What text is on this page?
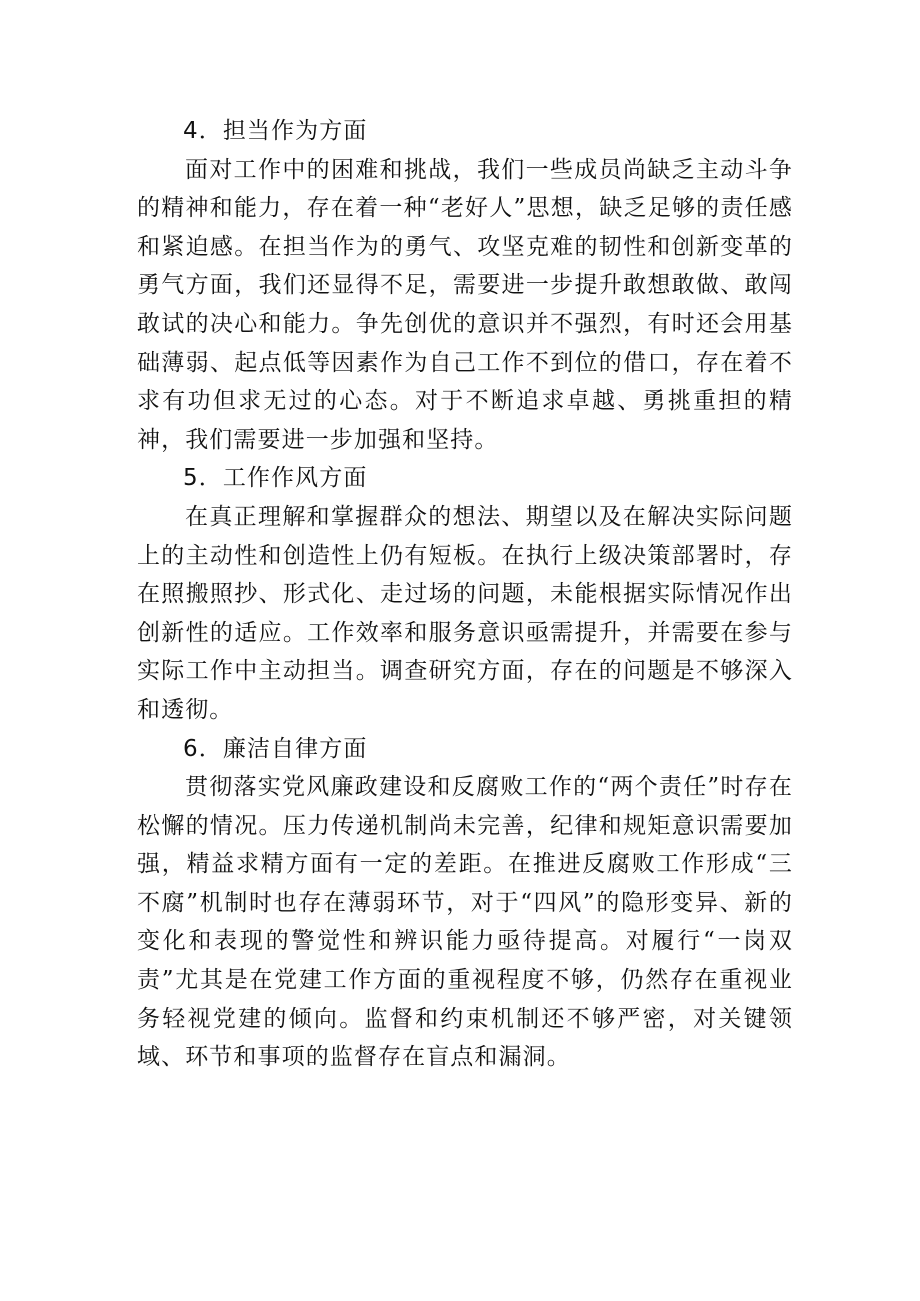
4．担当作为方面

面对工作中的困难和挑战，我们一些成员尚缺乏主动斗争的精神和能力，存在着一种“老好人”思想，缺乏足够的责任感和紧迫感。在担当作为的勇气、攻坚克难的韧性和创新变革的勇气方面，我们还显得不足，需要进一步提升敢想敢做、敢闯敢试的决心和能力。争先创优的意识并不强烈，有时还会用基础薄弱、起点低等因素作为自己工作不到位的借口，存在着不求有功但求无过的心态。对于不断追求卓越、勇挑重担的精神，我们需要进一步加强和坚持。

5．工作作风方面

在真正理解和掌握群众的想法、期望以及在解决实际问题上的主动性和创造性上仍有短板。在执行上级决策部署时，存在照搬照抄、形式化、走过场的问题，未能根据实际情况作出创新性的适应。工作效率和服务意识亟需提升，并需要在参与实际工作中主动担当。调查研究方面，存在的问题是不够深入和透彻。

6．廉洁自律方面

贯彻落实党风廉政建设和反腐败工作的“两个责任”时存在松懈的情况。压力传递机制尚未完善，纪律和规矩意识需要加强，精益求精方面有一定的差距。在推进反腐败工作形成“三不腐”机制时也存在薄弱环节，对于“四风”的隐形变异、新的变化和表现的警觉性和辨识能力亟待提高。对履行“一岗双责”尤其是在党建工作方面的重视程度不够，仍然存在重视业务轻视党建的倾向。监督和约束机制还不够严密，对关键领域、环节和事项的监督存在盲点和漏洞。
